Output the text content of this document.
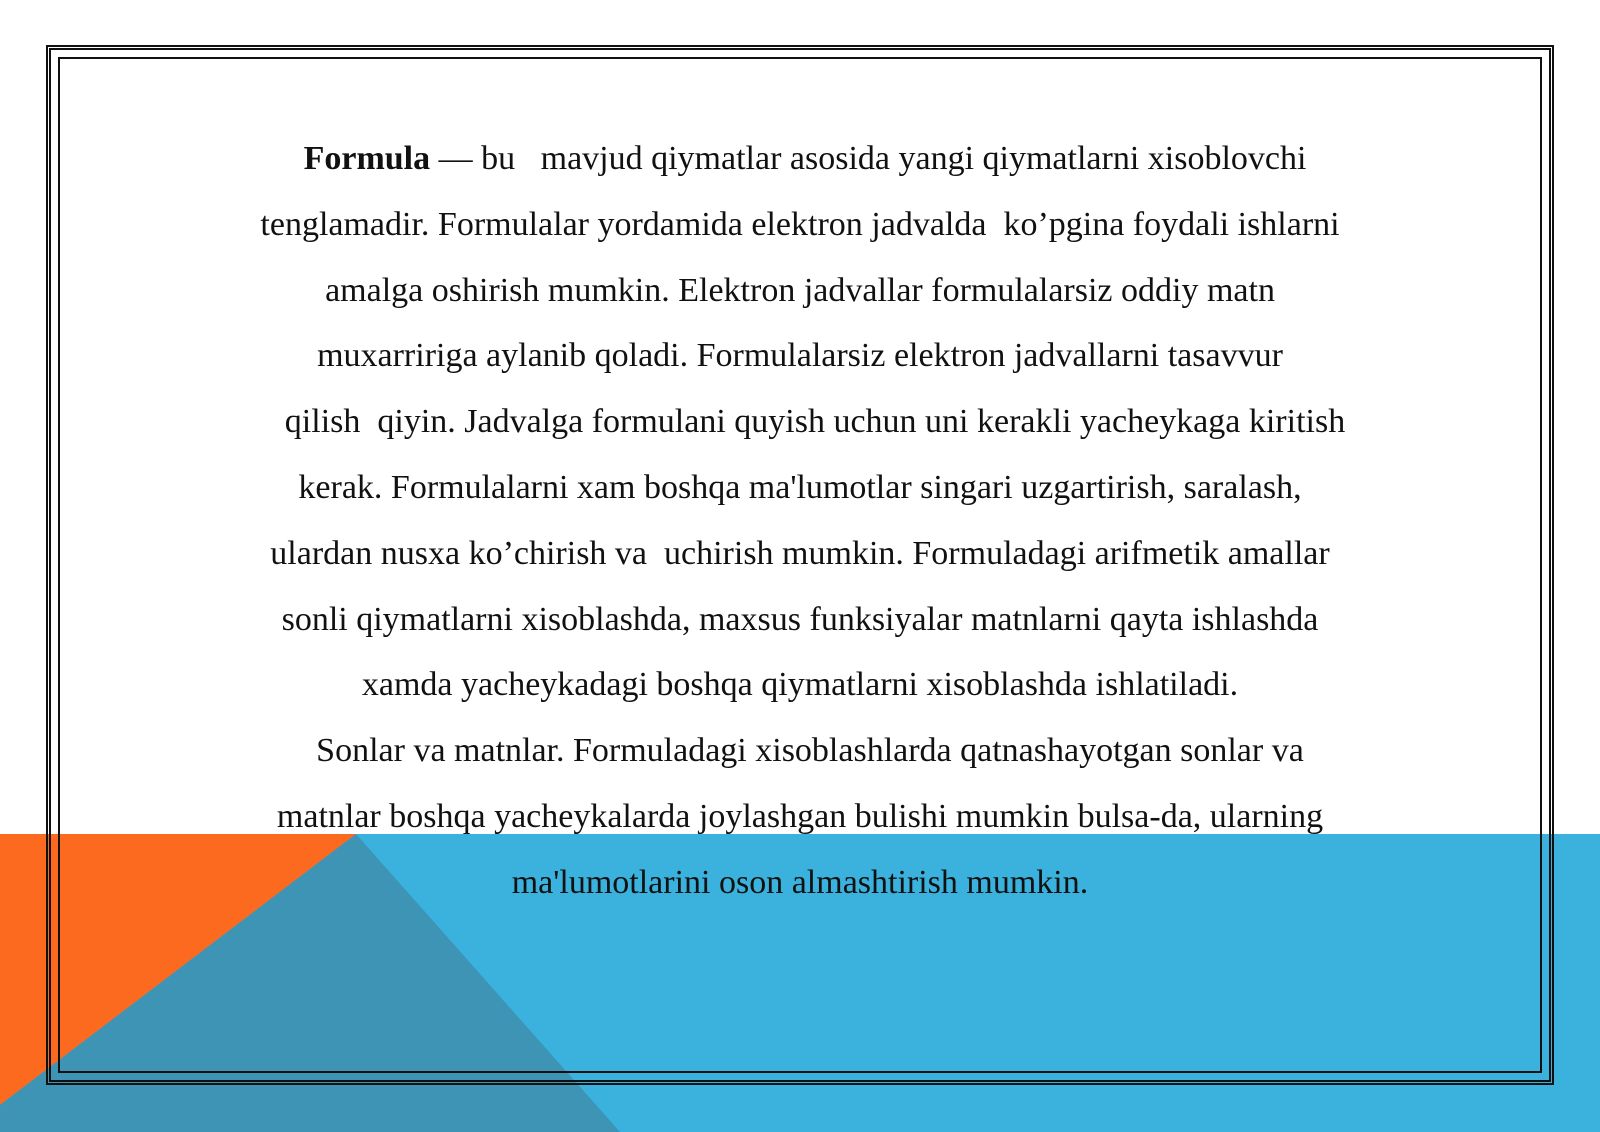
Formula — bu   mavjud qiymatlar asosida yangi qiymatlarni xisoblovchi
tenglamadir. Formulalar yordamida elektron jadvalda  ko’pgina foydali ishlarni
amalga oshirish mumkin. Elektron jadvallar formulalarsiz oddiy matn
muxarririga aylanib qoladi. Formulalarsiz elektron jadvallarni tasavvur
qilish  qiyin. Jadvalga formulani quyish uchun uni kerakli yacheykaga kiritish
kerak. Formulalarni xam boshqa ma'lumotlar singari uzgartirish, saralash,
ulardan nusxa ko’chirish va  uchirish mumkin. Formuladagi arifmetik amallar
sonli qiymatlarni xisoblashda, maxsus funksiyalar matnlarni qayta ishlashda
xamda yacheykadagi boshqa qiymatlarni xisoblashda ishlatiladi.
Sonlar va matnlar. Formuladagi xisoblashlarda qatnashayotgan sonlar va
matnlar boshqa yacheykalarda joylashgan bulishi mumkin bulsa-da, ularning
ma'lumotlarini oson almashtirish mumkin.
